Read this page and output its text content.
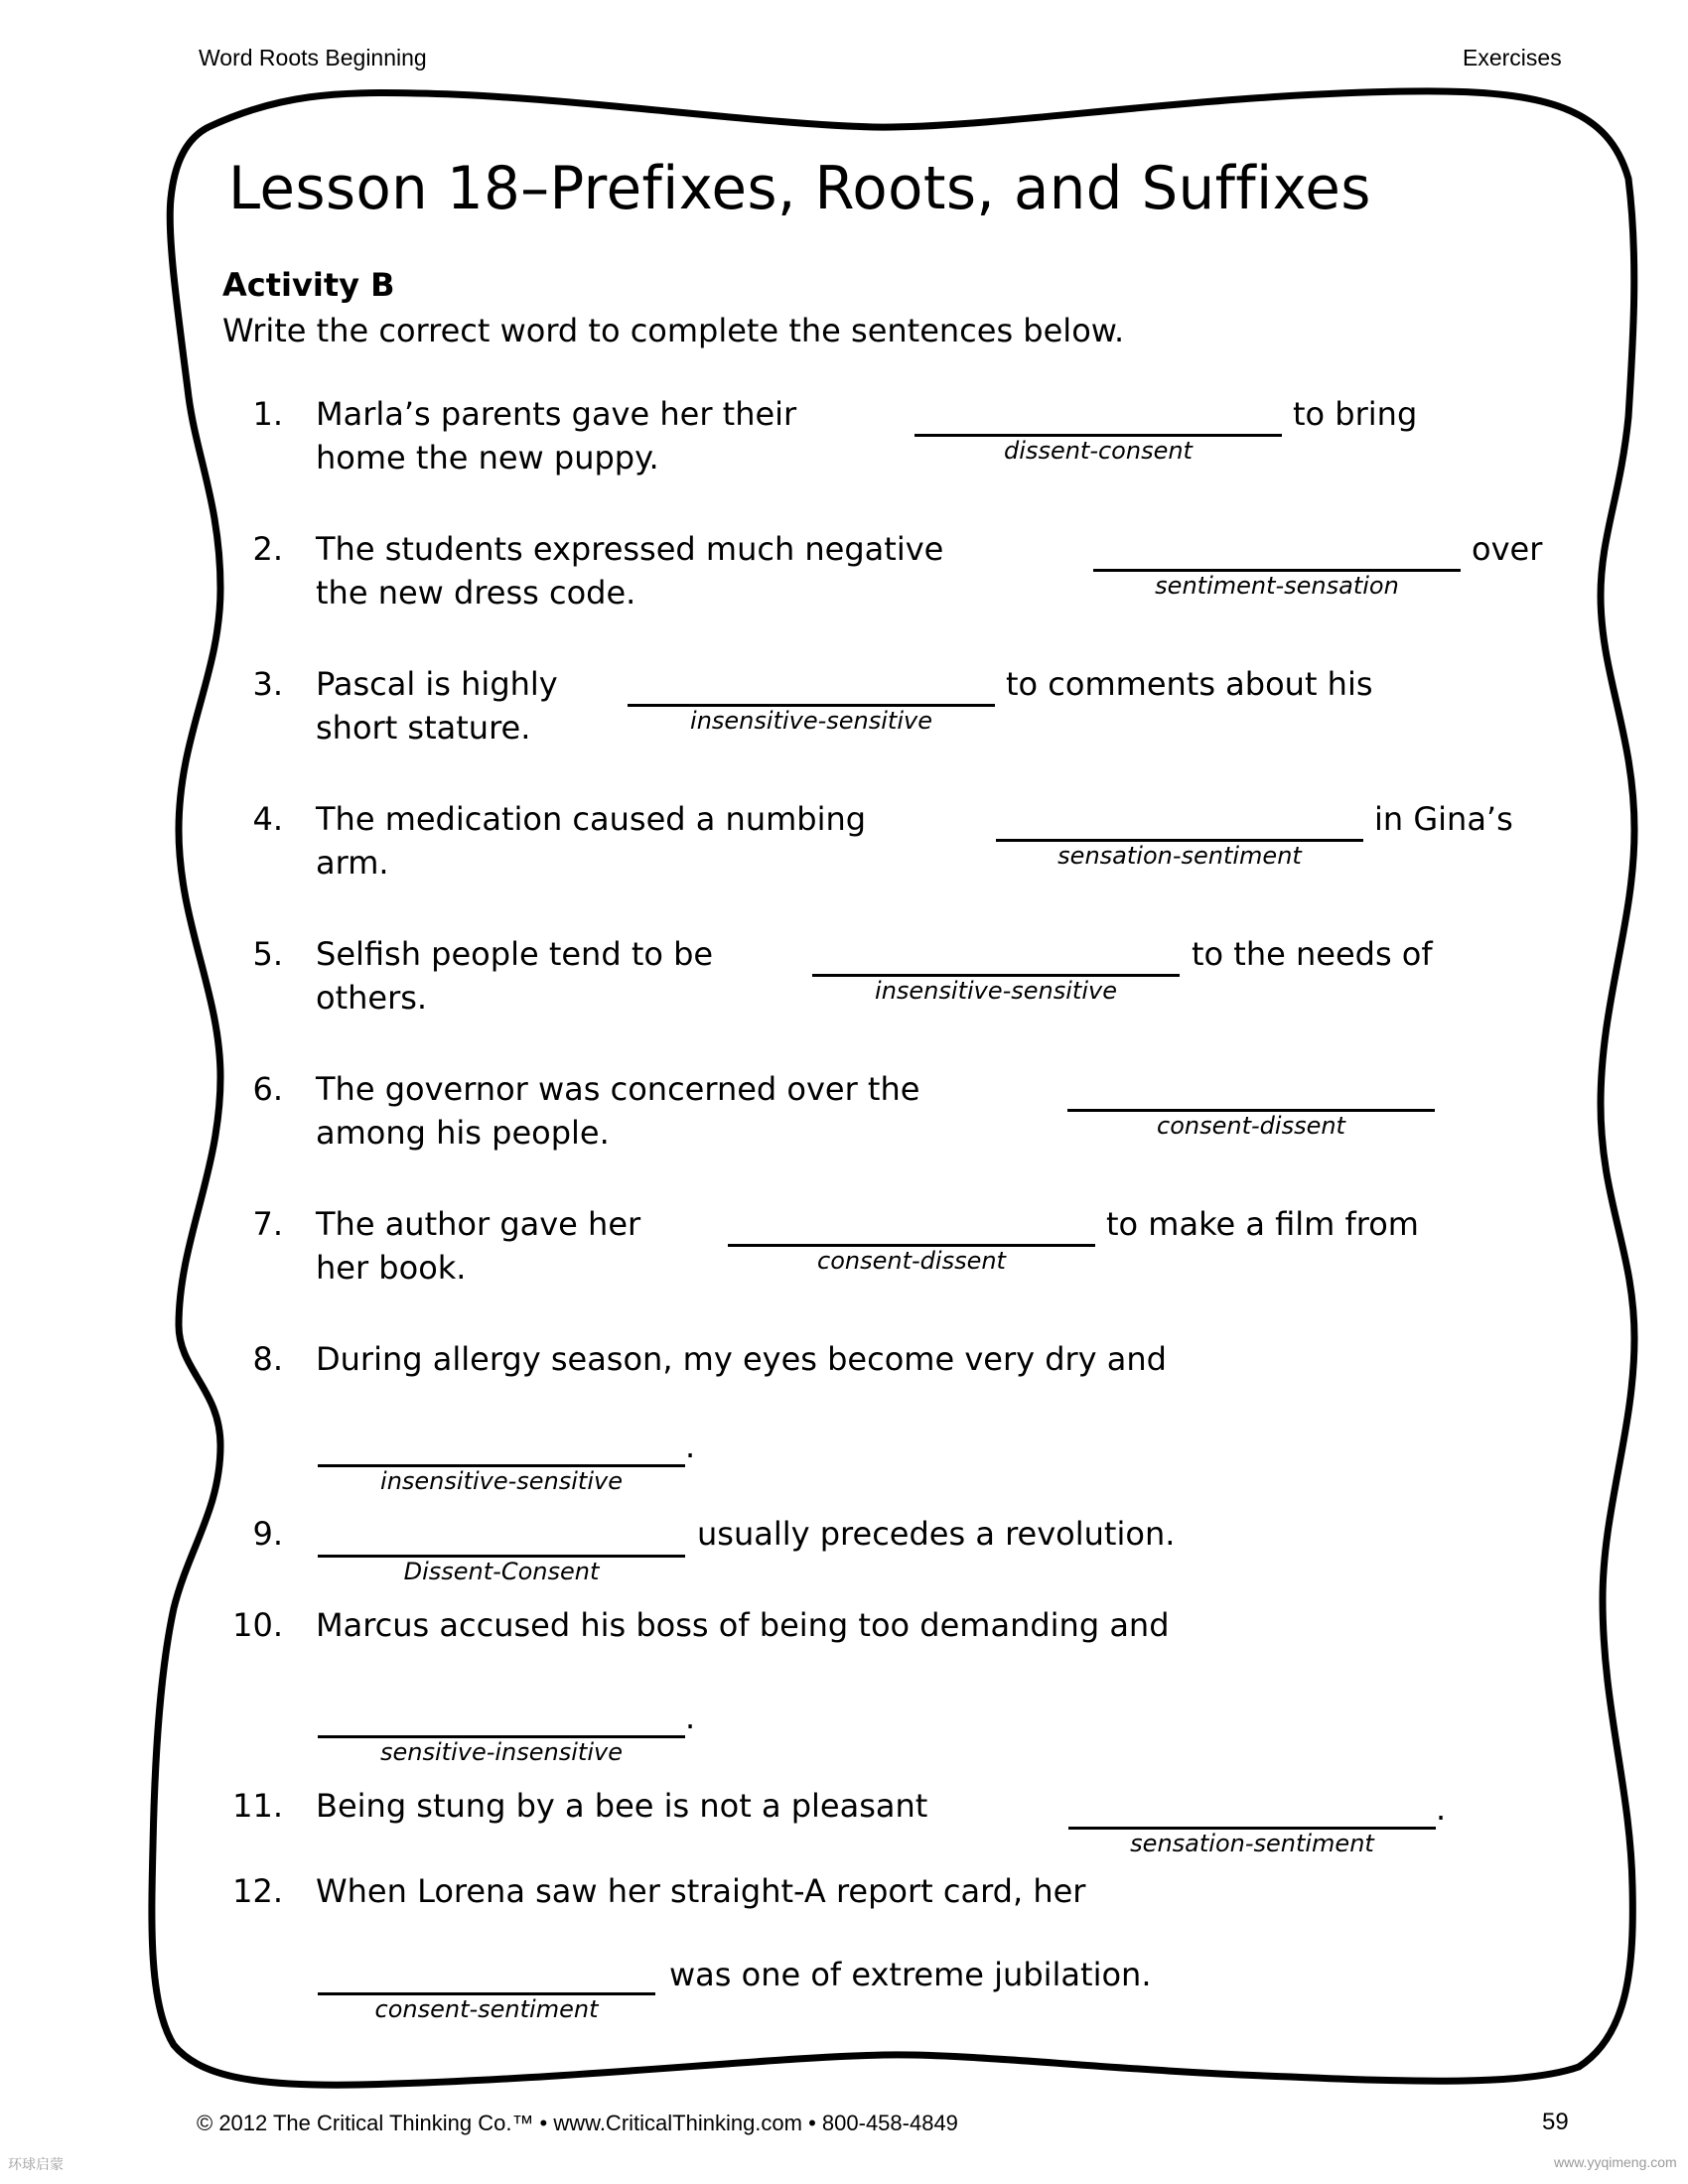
Word Roots Beginning	Exercises
Lesson 18–Prefixes, Roots, and Suffixes
Activity B
Write the correct word to complete the sentences below.
1. Marla’s parents gave her their	to bring
home the new puppy.	dissent-consent
2. The students expressed much negative	over
the new dress code.	sentiment-sensation
3. Pascal is highly	to comments about his
short stature.	insensitive-sensitive
4. The medication caused a numbing	in Gina’s
arm.	sensation-sentiment
5. Selfish people tend to be	to the needs of
others.	insensitive-sensitive
6. The governor was concerned over the
among his people.	consent-dissent
7. The author gave her	to make a film from
her book.	consent-dissent
8. During allergy season, my eyes become very dry and
.
insensitive-sensitive
9.	usually precedes a revolution.
Dissent-Consent
10. Marcus accused his boss of being too demanding and
.
sensitive-insensitive
11. Being stung by a bee is not a pleasant	.
sensation-sentiment
12. When Lorena saw her straight-A report card, her
was one of extreme jubilation.
consent-sentiment
© 2012 The Critical Thinking Co.™ • www.CriticalThinking.com • 800-458-4849	59
环球启蒙	www.yyqimeng.com
